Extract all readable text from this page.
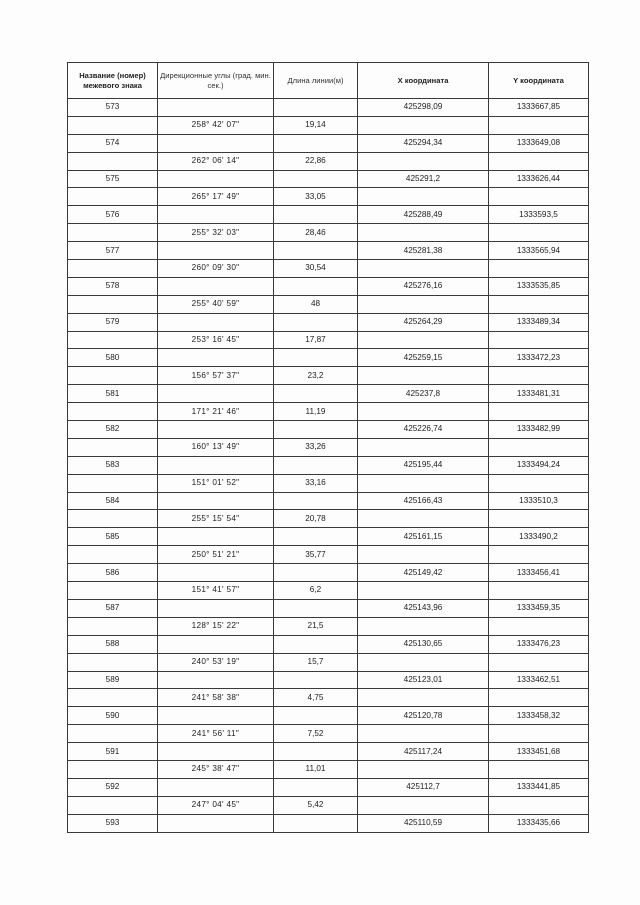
Название (номер) межевого знака	Дирекционные углы (град. мин. сек.)	Длина линии(м)	X координата	Y координата
573			425298,09	1333667,85
	258° 42' 07"	19,14		
574			425294,34	1333649,08
	262° 06' 14"	22,86		
575			425291,2	1333626,44
	265° 17' 49"	33,05		
576			425288,49	1333593,5
	255° 32' 03"	28,46		
577			425281,38	1333565,94
	260° 09' 30"	30,54		
578			425276,16	1333535,85
	255° 40' 59"	48		
579			425264,29	1333489,34
	253° 16' 45"	17,87		
580			425259,15	1333472,23
	156° 57' 37"	23,2		
581			425237,8	1333481,31
	171° 21' 46"	11,19		
582			425226,74	1333482,99
	160° 13' 49"	33,26		
583			425195,44	1333494,24
	151° 01' 52"	33,16		
584			425166,43	1333510,3
	255° 15' 54"	20,78		
585			425161,15	1333490,2
	250° 51' 21"	35,77		
586			425149,42	1333456,41
	151° 41' 57"	6,2		
587			425143,96	1333459,35
	128° 15' 22"	21,5		
588			425130,65	1333476,23
	240° 53' 19"	15,7		
589			425123,01	1333462,51
	241° 58' 38"	4,75		
590			425120,78	1333458,32
	241° 56' 11"	7,52		
591			425117,24	1333451,68
	245° 38' 47"	11,01		
592			425112,7	1333441,85
	247° 04' 45"	5,42		
593			425110,59	1333435,66
